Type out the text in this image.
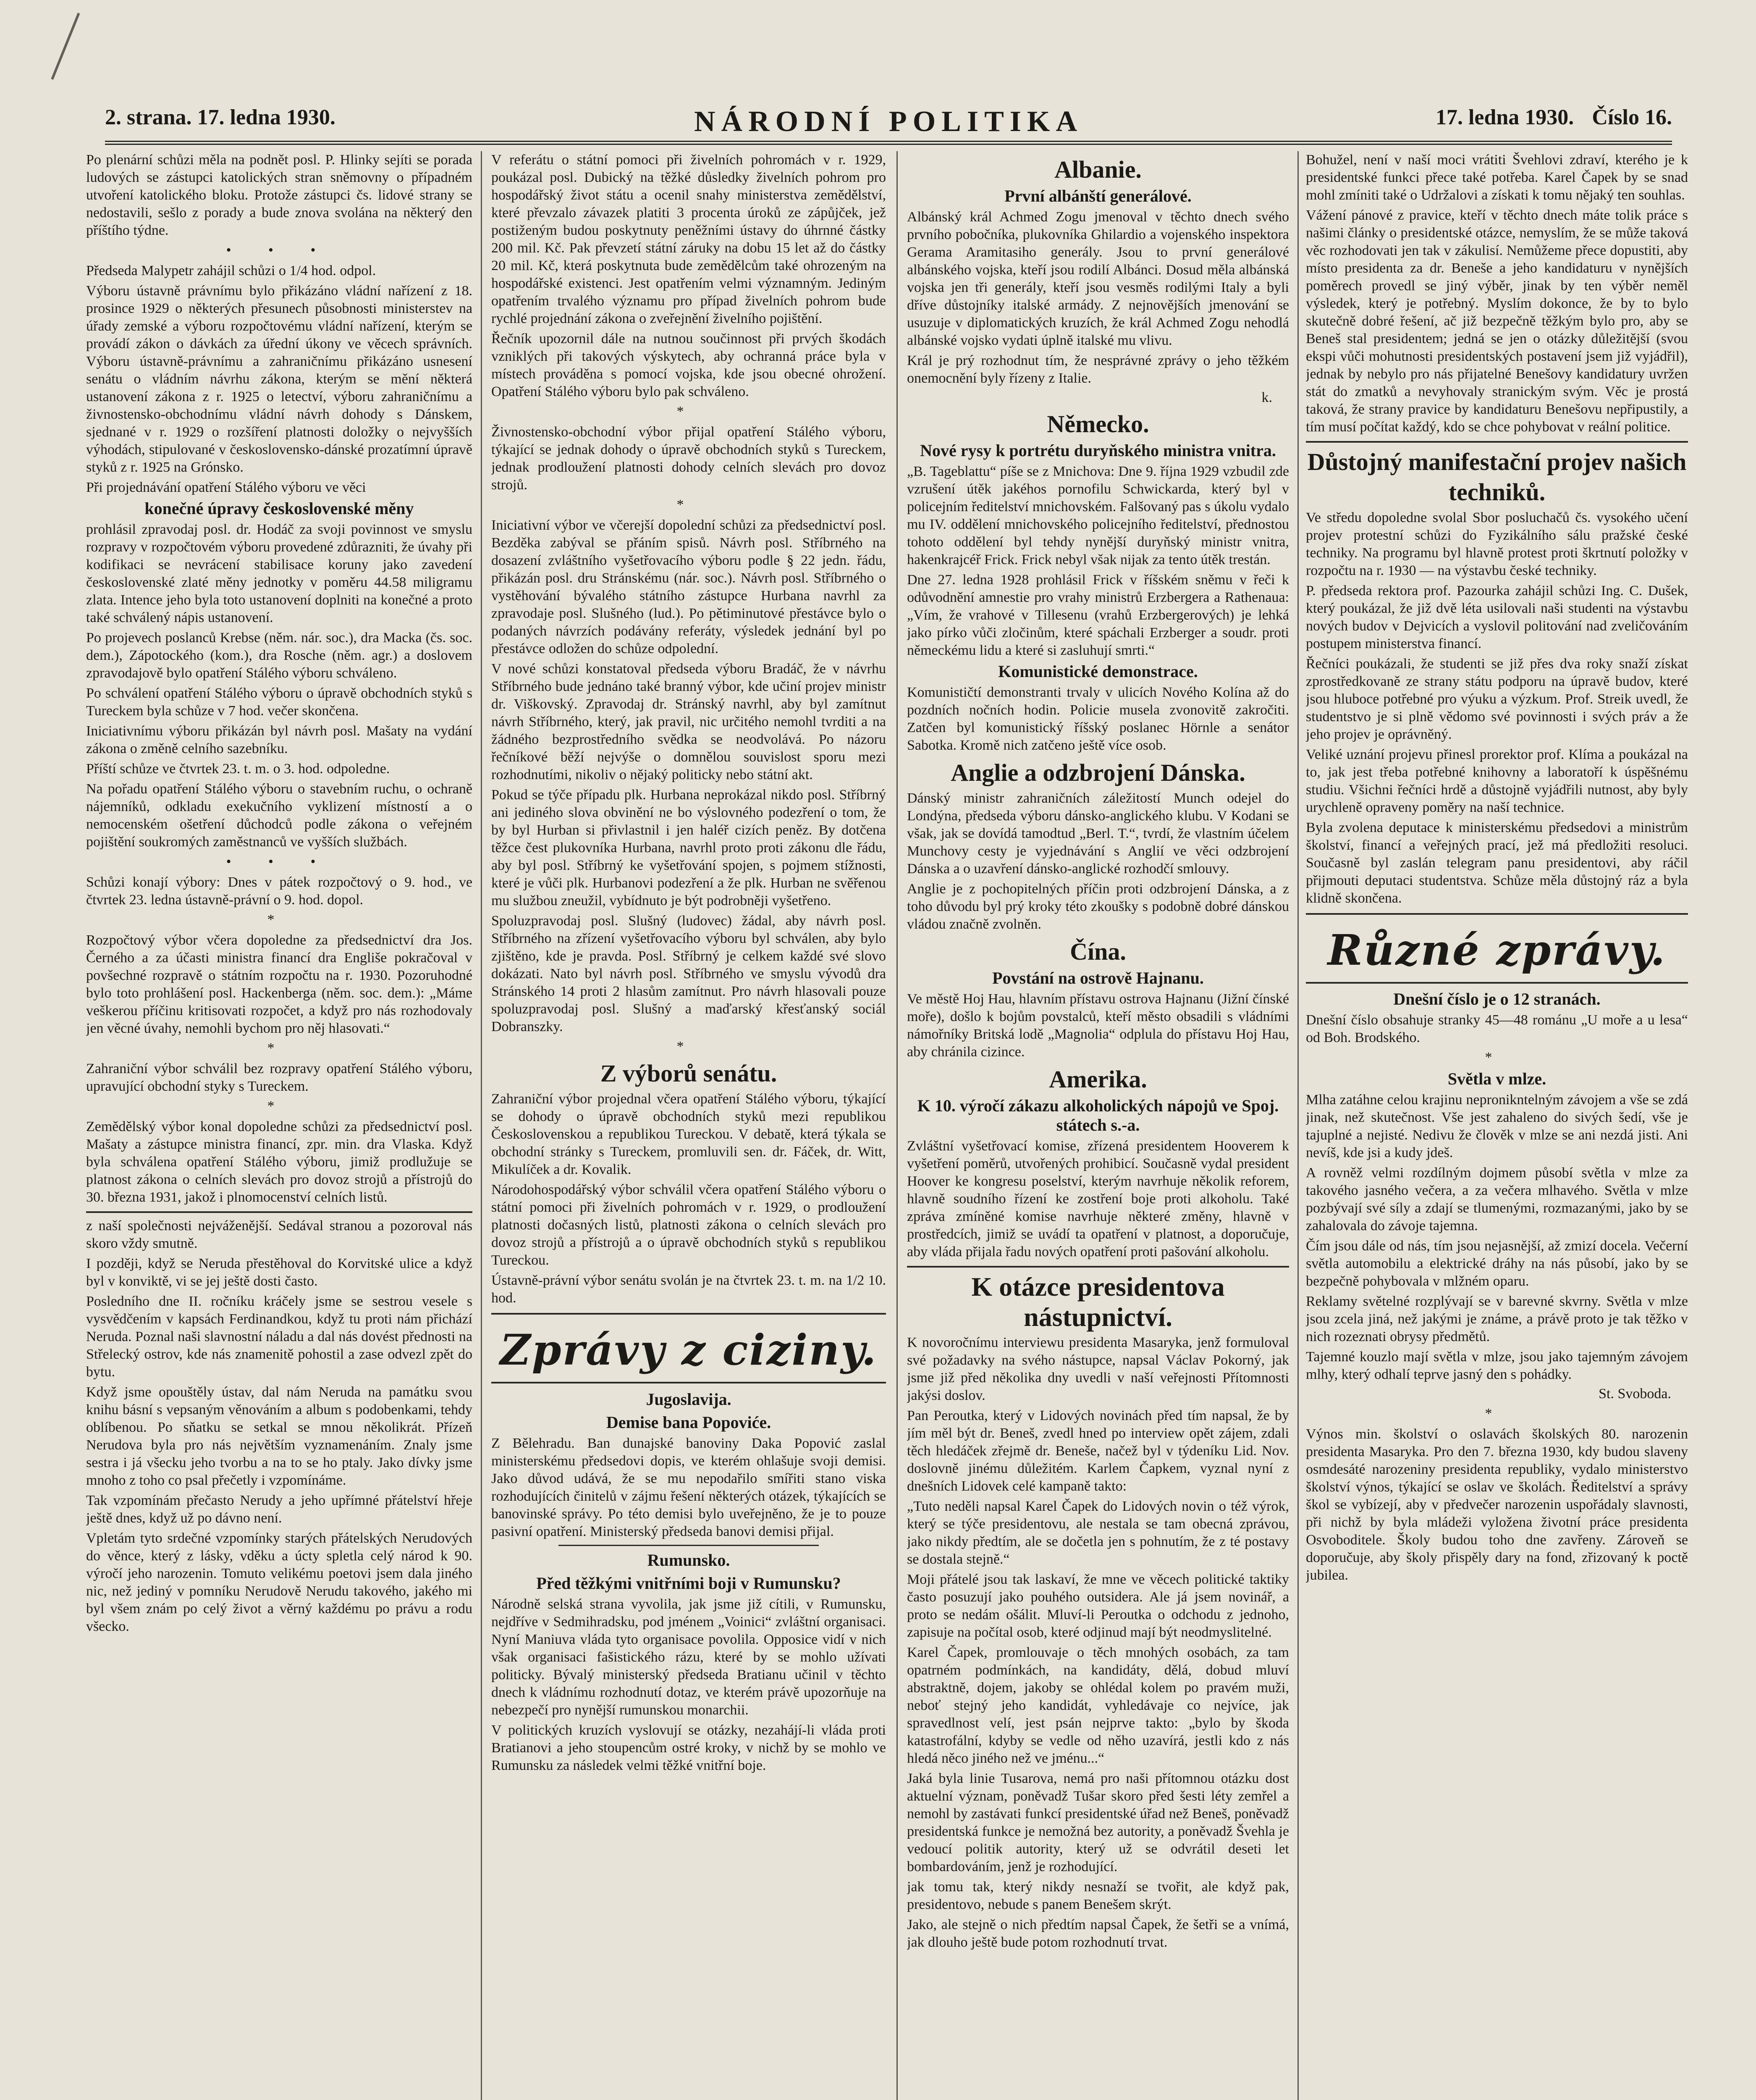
2. strana. 17. ledna 1930.	NÁRODNÍ POLITIKA	17. ledna 1930. Číslo 16.

Po plenární schůzi měla na podnět posl. P. Hlinky sejíti se porada ludových se zástupci katolických stran sněmovny o případném utvoření katolického bloku. Protože zástupci čs. lidové strany se nedostavili, sešlo z porady a bude znova svolána na některý den příštího týdne.

• • •

Předseda Malypetr zahájil schůzi o 1/4 hod. odpol.

Výboru ústavně právnímu bylo přikázáno vládní nařízení z 18. prosince 1929 o některých přesunech působnosti ministerstev na úřady zemské a výboru rozpočtovému vládní nařízení, kterým se provádí zákon o dávkách za úřední úkony ve věcech správních. Výboru ústavně-právnímu a zahraničnímu přikázáno usnesení senátu o vládním návrhu zákona, kterým se mění některá ustanovení zákona z r. 1925 o letectví, výboru zahraničnímu a živnostensko-obchodnímu vládní návrh dohody s Dánskem, sjednané v r. 1929 o rozšíření platnosti doložky o nejvyšších výhodách, stipulované v československo-dánské prozatímní úpravě styků z r. 1925 na Grónsko.

Při projednávání opatření Stálého výboru ve věci

konečné úpravy československé měny

prohlásil zpravodaj posl. dr. Hodáč za svoji povinnost ve smyslu rozpravy v rozpočtovém výboru provedené zdůrazniti, že úvahy při kodifikaci se nevrácení stabilisace koruny jako zavedení československé zlaté měny jednotky v poměru 44.58 miligramu zlata. Intence jeho byla toto ustanovení doplniti na konečné a proto také schválený nápis ustanovení.

Po projevech poslanců Krebse (něm. nár. soc.), dra Macka (čs. soc. dem.), Zápotockého (kom.), dra Rosche (něm. agr.) a doslovem zpravodajově bylo opatření Stálého výboru schváleno.

Po schválení opatření Stálého výboru o úpravě obchodních styků s Tureckem byla schůze v 7 hod. večer skončena.

Iniciativnímu výboru přikázán byl návrh posl. Mašaty na vydání zákona o změně celního sazebníku.

Příští schůze ve čtvrtek 23. t. m. o 3. hod. odpoledne.

Na pořadu opatření Stálého výboru o stavebním ruchu, o ochraně nájemníků, odkladu exekučního vyklizení místností a o nemocenském ošetření důchodců podle zákona o veřejném pojištění soukromých zaměstnanců ve vyšších službách.

• • •

Schůzi konají výbory: Dnes v pátek rozpočtový o 9. hod., ve čtvrtek 23. ledna ústavně-právní o 9. hod. dopol.

*

Rozpočtový výbor včera dopoledne za předsednictví dra Jos. Černého a za účasti ministra financí dra Englišе pokračoval v povšechné rozpravě o státním rozpočtu na r. 1930. Pozoruhodné bylo toto prohlášení posl. Hackenberga (něm. soc. dem.): „Máme veškerou příčinu kritisovati rozpočet, a když pro nás rozhodovaly jen věcné úvahy, nemohli bychom pro něj hlasovati.“

*

Zahraniční výbor schválil bez rozpravy opatření Stálého výboru, upravující obchodní styky s Tureckem.

*

Zemědělský výbor konal dopoledne schůzi za předsednictví posl. Mašaty a zástupce ministra financí, zpr. min. dra Vlaska. Když byla schválena opatření Stálého výboru, jimiž prodlužuje se platnost zákona o celních slevách pro dovoz strojů a přístrojů do 30. března 1931, jakož i plnomocenství celních listů.

z naší společnosti nejváženější. Sedával stranou a pozoroval nás skoro vždy smutně.

I později, když se Neruda přestěhoval do Korvitské ulice a když byl v konviktě, vi se jej ještě dosti často.

Posledního dne II. ročníku kráčely jsme se sestrou vesele s vysvědčením v kapsách Ferdinandkou, když tu proti nám přichází Neruda. Poznal naši slavnostní náladu a dal nás dovést přednosti na Střelecký ostrov, kde nás znamenitě pohostil a zase odvezl zpět do bytu.

Když jsme opouštěly ústav, dal nám Neruda na památku svou knihu básní s vepsaným věnováním a album s podobenkami, tehdy oblíbenou. Po sňatku se setkal se mnou několikrát. Přízeň Nerudova byla pro nás největším vyznamenáním. Znaly jsme sestra i já všecku jeho tvorbu a na to se ho ptaly. Jako dívky jsme mnoho z toho co psal přečetly i vzpomínáme.

Tak vzpomínám přečasto Nerudy a jeho upřímné přátelství hřeje ještě dnes, když už po dávno není.

Vpletám tyto srdečné vzpomínky starých přátelských Nerudových do věnce, který z lásky, vděku a úcty spletlа celý národ k 90. výročí jeho narozenin. Tomuto velikému poetovi jsem dala jiného nic, než jediný v pomníku Nerudově Nerudu takového, jakého mi byl všem znám po celý život a věrný každému po právu a rodu všecko.

V referátu o státní pomoci při živelních pohromách v r. 1929, poukázal posl. Dubický na těžké důsledky živelních pohrom pro hospodářský život státu a ocenil snahy ministerstva zemědělství, které převzalo závazek platiti 3 procenta úroků ze zápůjček, jež postiženým budou poskytnuty peněžními ústavy do úhrnné částky 200 mil. Kč. Pak převzetí státní záruky na dobu 15 let až do částky 20 mil. Kč, která poskytnuta bude zemědělcům také ohrozeným na hospodářské existenci. Jest opatřením velmi významným. Jediným opatřením trvalého významu pro případ živelních pohrom bude rychlé projednání zákona o zveřejnění živelního pojištění.

Řečník upozornil dále na nutnou součinnost při prvých škodách vzniklých při takových výskytech, aby ochranná práce byla v místech prováděna s pomocí vojska, kde jsou obecné ohrožení. Opatření Stálého výboru bylo pak schváleno.

*

Živnostensko-obchodní výbor přijal opatření Stálého výboru, týkající se jednak dohody o úpravě obchodních styků s Tureckem, jednak prodloužení platnosti dohody celních slevách pro dovoz strojů.

*

Iniciativní výbor ve včerejší dopolední schůzi za předsednictví posl. Bezděka zabýval se přáním spisů. Návrh posl. Stříbrného na dosazení zvláštního vyšetřovacího výboru podle § 22 jedn. řádu, přikázán posl. dru Stránskému (nár. soc.). Návrh posl. Stříbrného o vystěhování bývalého státního zástupce Hurbana navrhl za zpravodaje posl. Slušného (lud.). Po pětiminutové přestávce bylo o podaných návrzích podávány referáty, výsledek jednání byl po přestávce odložen do schůze odpolední.

V nové schůzi konstatoval předseda výboru Bradáč, že v návrhu Stříbrného bude jednáno také branný výbor, kde učiní projev ministr dr. Viškovský. Zpravodaj dr. Stránský navrhl, aby byl zamítnut návrh Stříbrného, který, jak pravil, nic určitého nemohl tvrditi a na žádného bezprostředního svědka se neodvolává. Po názoru řečníkové běží nejvýše o domnělou souvislost sporu mezi rozhodnutími, nikoliv o nějaký politicky nebo státní akt.

Pokud se týče případu plk. Hurbana neprokázal nikdo posl. Stříbrný ani jediného slova obvinění ne bo výslovného podezření o tom, že by byl Hurban si přivlastnil i jen haléř cizích peněz. By dotčena těžce čest plukovníka Hurbana, navrhl proto proti zákonu dle řádu, aby byl posl. Stříbrný ke vyšetřování spojen, s pojmem stížnosti, které je vůči plk. Hurbanovi podezření a že plk. Hurban ne svěřenou mu službou zneužil, vybídnuto je být podrobněji vyšetřeno.

Spoluzpravodaj posl. Slušný (ludovec) žádal, aby návrh posl. Stříbrného na zřízení vyšetřovacího výboru byl schválen, aby bylo zjištěno, kde je pravda. Posl. Stříbrný je celkem každé své slovo dokázati. Nato byl návrh posl. Stříbrného ve smyslu vývodů dra Stránského 14 proti 2 hlasům zamítnut. Pro návrh hlasovali pouze spoluzpravodaj posl. Slušný a maďarský křesťanský sociál Dobranszky.

*
Z výborů senátu.

Zahraniční výbor projednal včera opatření Stálého výboru, týkající se dohody o úpravě obchodních styků mezi republikou Československou a republikou Tureckou. V debatě, která týkala se obchodní stránky s Tureckem, promluvili sen. dr. Fáček, dr. Witt, Mikulíček a dr. Kovalik.

Národohospodářský výbor schválil včera opatření Stálého výboru o státní pomoci při živelních pohromách v r. 1929, o prodloužení platnosti dočasných listů, platnosti zákona o celních slevách pro dovoz strojů a přístrojů a o úpravě obchodních styků s republikou Tureckou.

Ústavně-právní výbor senátu svolán je na čtvrtek 23. t. m. na 1/2 10. hod.

Zprávy z ciziny.
Jugoslavija.
Demise bana Popoviće.

Z Bělehradu. Ban dunajské banoviny Daka Popović zaslal ministerskému předsedovi dopis, ve kterém ohlašuje svoji demisi. Jako důvod udává, že se mu nepodařilo smířiti stano viska rozhodujících činitelů v zájmu řešení některých otázek, týkajících se banovinské správy. Po této demisi bylo uveřejněno, že je to pouze pasivní opatření. Ministerský předseda banovi demisi přijal.

Rumunsko.
Před těžkými vnitřními boji v Rumunsku?

Národně selská strana vyvolila, jak jsme již cítili, v Rumunsku, nejdříve v Sedmihradsku, pod jménem „Voinici“ zvláštní organisaci. Nyní Maniuva vláda tyto organisace povolila. Opposice vidí v nich však organisaci fašistického rázu, které by se mohlo užívati politicky. Bývalý ministerský předseda Bratianu učinil v těchto dnech k vládnímu rozhodnutí dotaz, ve kterém právě upozorňuje na nebezpečí pro nynější rumunskou monarchii.

V politických kruzích vyslovují se otázky, nezahájí-li vláda proti Bratianovi a jeho stoupencům ostré kroky, v nichž by se mohlo ve Rumunsku za následek velmi těžké vnitřní boje.

Albanie.
První albánští generálové.

Albánský král Achmed Zogu jmenoval v těchto dnech svého prvního pobočníka, plukovníka Ghilardio a vojenského inspektora Gerama Aramitasiho generály. Jsou to první generálové albánského vojska, kteří jsou rodilí Albánci. Dosud měla albánská vojska jen tři generály, kteří jsou vesměs rodilými Italy a byli dříve důstojníky italské armády. Z nejnovějších jmenování se usuzuje v diplomatických kruzích, že král Achmed Zogu nehodlá albánské vojsko vydati úplně italské mu vlivu.

Král je prý rozhodnut tím, že nesprávné zprávy o jeho těžkém onemocnění byly řízeny z Italie.

k.
Německo.
Nové rysy k portrétu duryňského ministra vnitra.

„B. Tageblattu“ píše se z Mnichova: Dne 9. října 1929 vzbudil zde vzrušení útěk jakéhos pornofilu Schwickarda, který byl v policejním ředitelství mnichovském. Falšovaný pas s úkolu vydalo mu IV. oddělení mnichovského policejního ředitelství, přednostou tohoto oddělení byl tehdy nynější duryňský ministr vnitra, hakenkrajcéř Frick. Frick nebyl však nijak za tento útěk trestán.

Dne 27. ledna 1928 prohlásil Frick v říšském sněmu v řeči k odůvodnění amnestie pro vrahy ministrů Erzbergera a Rathenaua: „Vím, že vrahové v Tillesenu (vrahů Erzbergerových) je lehká jako pírko vůči zločinům, které spáchali Erzberger a soudr. proti německému lidu a které si zasluhují smrti.“

Komunistické demonstrace.

Komunističtí demonstranti trvaly v ulicích Nového Kolína až do pozdních nočních hodin. Policie musela zvonovitě zakročiti. Zatčen byl komunistický říšský poslanec Hörnle a senátor Sabotka. Kromě nich zatčeno ještě více osob.

Anglie a odzbrojení Dánska.

Dánský ministr zahraničních záležitostí Munch odejel do Londýna, předseda výboru dánsko-anglického klubu. V Kodani se však, jak se dovídá tamodtud „Berl. T.“, tvrdí, že vlastním účelem Munchovy cesty je vyjednávání s Anglií ve věci odzbrojení Dánska a o uzavření dánsko-anglické rozhodčí smlouvy.

Anglie je z pochopitelných příčin proti odzbrojení Dánska, a z toho důvodu byl prý kroky této zkoušky s podobně dobré dánskou vládou značně zvolněn.

Čína.
Povstání na ostrově Hajnanu.

Ve městě Hoj Hau, hlavním přístavu ostrova Hajnanu (Jižní čínské moře), došlo k bojům povstalců, kteří město obsadili s vládními námořníky Britská lodě „Magnolia“ odplula do přístavu Hoj Hau, aby chránila cizince.

Amerika.
K 10. výročí zákazu alkoholických nápojů ve Spoj. státech s.-a.

Zvláštní vyšetřovací komise, zřízená presidentem Hooverem k vyšetření poměrů, utvořených prohibicí. Současně vydal president Hoover ke kongresu poselství, kterým navrhuje několik reforem, hlavně soudního řízení ke zostření boje proti alkoholu. Také zpráva zmíněné komise navrhuje některé změny, hlavně v prostředcích, jimiž se uvádí ta opatření v platnost, a doporučuje, aby vláda přijala řadu nových opatření proti pašování alkoholu.

K otázce presidentova nástupnictví.

K novoročnímu interviewu presidenta Masaryka, jenž formuloval své požadavky na svého nástupce, napsal Václav Pokorný, jak jsme již před několika dny uvedli v naší veřejnosti Přítomnosti jakýsi doslov.

Pan Peroutka, který v Lidových novinách před tím napsal, že by jím měl být dr. Beneš, zvedl hned po interview opět zájem, zdali těch hledáček zřejmě dr. Beneše, načež byl v týdeníku Lid. Nov. doslovně jinému důležitém. Karlem Čapkem, vyznal nyní z dnešních Lidovek celé kampaně takto:

„Tuto neděli napsal Karel Čapek do Lidových novin o též výrok, který se týče presidentovu, ale nestala se tam obecná zprávou, jako nikdy předtím, ale se dočetla jen s pohnutím, že z té postavy se dostala stejně.“

Moji přátelé jsou tak laskaví, že mne ve věcech politické taktiky často posuzují jako pouhého outsidera. Ale já jsem novinář, a proto se nedám ošálit. Mluví-li Peroutka o odchodu z jednoho, zapisuje na počítal osob, které odjinud mají být neodmyslitelné.

Karel Čapek, promlouvaje o těch mnohých osobách, za tam opatrném podmínkách, na kandidáty, dělá, dobud mluví abstraktně, dojem, jakoby se ohlédal kolem po pravém muži, neboť stejný jeho kandidát, vyhledávaje co nejvíce, jak spravedlnost velí, jest psán nejprve takto: „bylo by škoda katastrofální, kdyby se vedle od něho uzavírá, jestli kdo z nás hledá něco jiného než ve jménu...“

Jaká byla linie Tusarova, nemá pro naši přítomnou otázku dost aktuelní význam, poněvadž Tušar skoro před šesti léty zemřel a nemohl by zastávati funkcí presidentské úřad než Beneš, poněvadž presidentská funkce je nemožná bez autority, a poněvadž Švehla je vedoucí politik autority, který už se odvrátil deseti let bombardováním, jenž je rozhodující.

jak tomu tak, který nikdy nesnaží se tvořit, ale když pak, presidentovo, nebude s panem Benešem skrýt.

Jako, ale stejně o nich předtím napsal Čapek, že šetři se a vnímá, jak dlouho ještě bude potom rozhodnutí trvat.

Bohužel, není v naší moci vrátiti Švehlovi zdraví, kterého je k presidentské funkci přece také potřeba. Karel Čapek by se snad mohl zmíniti také o Udržalovi a získati k tomu nějaký ten souhlas.

Vážení pánové z pravice, kteří v těchto dnech máte tolik práce s našimi články o presidentské otázce, nemyslím, že se může taková věc rozhodovati jen tak v zákulisí. Nemůžeme přece dopustiti, aby místo presidenta za dr. Beneše a jeho kandidaturu v nynějších poměrech provedl se jiný výběr, jinak by ten výběr neměl výsledek, který je potřebný. Myslím dokonce, že by to bylo skutečně dobré řešení, ač již bezpečně těžkým bylo pro, aby se Beneš stal presidentem; jedná se jen o otázky důležitější (svou ekspi vůči mohutnosti presidentských postavení jsem již vyjádřil), jednak by nebylo pro nás přijatelné Benešovy kandidatury uvržen stát do zmatků a nevyhovaly stranickým svým. Věc je prostá taková, že strany pravice by kandidaturu Benešovu nepřipustily, a tím musí počítat každý, kdo se chce pohybovat v reální politice.

Důstojný manifestační projev našich techniků.

Ve středu dopoledne svolal Sbor posluchačů čs. vysokého učení projev protestní schůzi do Fyzikálního sálu pražské české techniky. Na programu byl hlavně protest proti škrtnutí položky v rozpočtu na r. 1930 — na výstavbu české techniky.

P. předseda rektora prof. Pazourka zahájil schůzi Ing. C. Dušek, který poukázal, že již dvě léta usilovali naši studenti na výstavbu nových budov v Dejvicích a vyslovil politování nad zveličováním postupem ministerstva financí.

Řečníci poukázali, že studenti se již přes dva roky snaží získat zprostředkovaně ze strany státu podporu na úpravě budov, které jsou hluboce potřebné pro výuku a výzkum. Prof. Streik uvedl, že studentstvo je si plně vědomo své povinnosti i svých práv a že jeho projev je oprávněný.

Veliké uznání projevu přinesl prorektor prof. Klíma a poukázal na to, jak jest třeba potřebné knihovny a laboratoří k úspěšnému studiu. Všichni řečníci hrdě a důstojně vyjádřili nutnost, aby byly urychleně opraveny poměry na naší technice.

Byla zvolena deputace k ministerskému předsedovi a ministrům školství, financí a veřejných prací, jež má předložiti resoluci. Současně byl zaslán telegram panu presidentovi, aby ráčil přijmouti deputaci studentstva. Schůze měla důstojný ráz a byla klidně skončena.

Různé zprávy.
Dnešní číslo je o 12 stranách.

Dnešní číslo obsahuje stranky 45—48 románu „U moře a u lesa“ od Boh. Brodského.

*
Světla v mlze.

Mlha zatáhne celou krajinu nepronikntelným závojem a vše se zdá jinak, než skutečnost. Vše jest zahaleno do sivých šedí, vše je tajuplné a nejisté. Nedivu že člověk v mlze se ani nezdá jisti. Ani nevíš, kde jsi a kudy jdeš.

A rovněž velmi rozdílným dojmem působí světla v mlze za takového jasného večera, a za večera mlhavého. Světla v mlze pozbývají své síly a zdají se tlumenými, rozmazanými, jako by se zahalovala do závoje tajemna.

Čím jsou dále od nás, tím jsou nejasnější, až zmizí docela. Večerní světla automobilu a elektrické dráhy na nás působí, jako by se bezpečně pohybovala v mlžném oparu.

Reklamy světelné rozplývají se v barevné skvrny. Světla v mlze jsou zcela jiná, než jakými je známe, a právě proto je tak těžko v nich rozeznati obrysy předmětů.

Tajemné kouzlo mají světla v mlze, jsou jako tajemným závojem mlhy, který odhalí teprve jasný den s pohádky.

St. Svoboda.
*

Výnos min. školství o oslavách školských 80. narozenin presidenta Masaryka. Pro den 7. března 1930, kdy budou slaveny osmdesáté narozeniny presidenta republiky, vydalo ministerstvo školství výnos, týkající se oslav ve školách. Ředitelství a správy škol se vybízejí, aby v předvečer narozenin uspořádaly slavnosti, při nichž by byla mládeži vyložena životní práce presidenta Osvoboditele. Školy budou toho dne zavřeny. Zároveň se doporučuje, aby školy přispěly dary na fond, zřizovaný k poctě jubilea.
